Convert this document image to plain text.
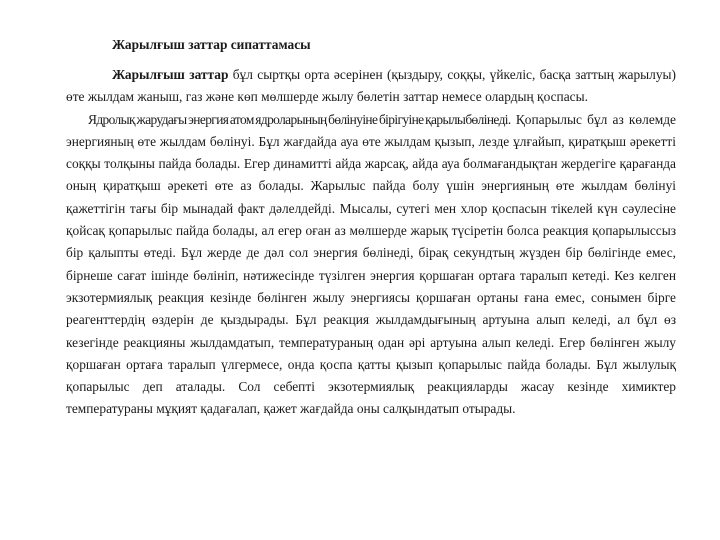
Жарылғыш заттар сипаттамасы

Жарылғыш заттар бұл сыртқы орта әсерінен (қыздыру, соққы, үйкеліс, басқа заттың жарылуы) өте жылдам жаныш, газ және көп мөлшерде жылу бөлетін заттар немесе олардың қоспасы.

Ядролық жарудағы энергия атом ядроларының бөлінуіне бірігуіне қарылыбөлінеді. Қопарылыс бұл аз көлемде энергияның өте жылдам бөлінуі. Бұл жағдайда ауа өте жылдам қызып, лезде ұлғайып, қиратқыш әрекетті соққы толқыны пайда болады. Егер динамитті айда жарсақ, айда ауа болмағандықтан жердегіге қарағанда оның қиратқыш әрекеті өте аз болады. Жарылыс пайда болу үшін энергияның өте жылдам бөлінуі қажеттігін тағы бір мынадай факт дәлелдейді. Мысалы, сутегі мен хлор қоспасын тікелей күн сәулесіне қойсақ қопарылыс пайда болады, ал егер оған аз мөлшерде жарық түсіретін болса реакция қопарылыссыз бір қалыпты өтеді. Бұл жерде де дәл сол энергия бөлінеді, бірақ секундтың жүзден бір бөлігінде емес, бірнеше сағат ішінде бөлініп, нәтижесінде түзілген энергия қоршаған ортаға таралып кетеді. Кез келген экзотермиялық реакция кезінде бөлінген жылу энергиясы қоршаған ортаны ғана емес, сонымен бірге реагенттердің өздерін де қыздырады. Бұл реакция жылдамдығының артуына алып келеді, ал бұл өз кезегінде реакцияны жылдамдатып, температураның одан әрі артуына алып келеді. Егер бөлінген жылу қоршаған ортаға таралып үлгермесе, онда қоспа қатты қызып қопарылыс пайда болады. Бұл жылулық қопарылыс деп аталады. Сол себепті экзотермиялық реакцияларды жасау кезінде химиктер температураны мұқият қадағалап, қажет жағдайда оны салқындатып отырады.
